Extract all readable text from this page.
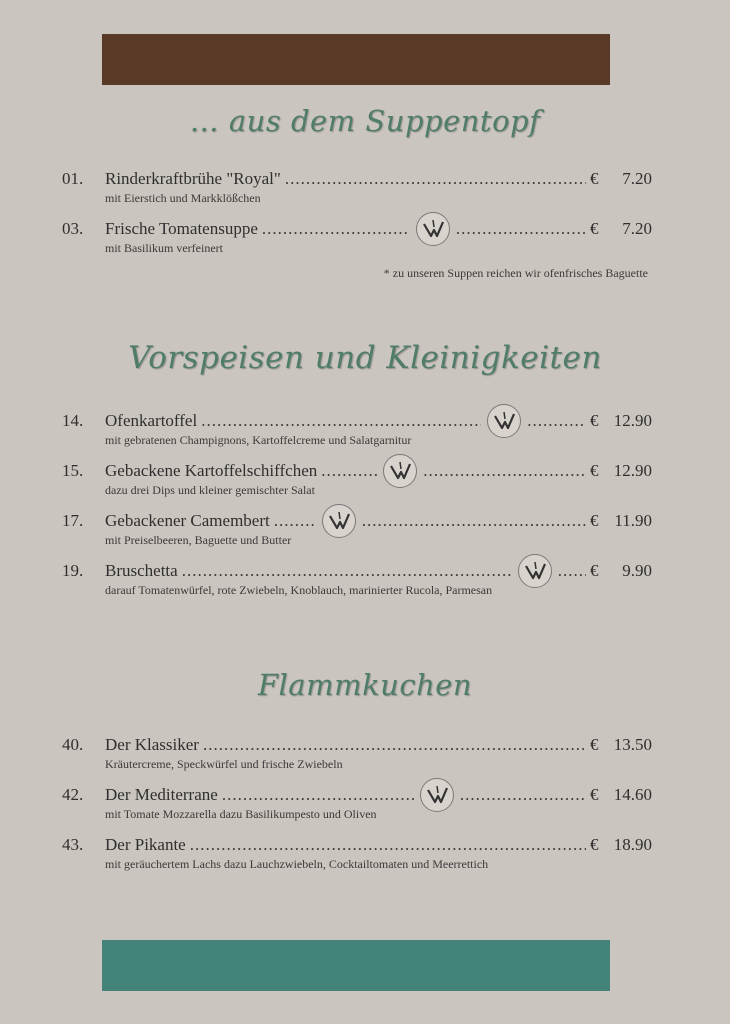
… aus dem Suppentopf
01.	Rinderkraftbrühe "Royal" .....	€	7.20
mit Eierstich und Markklößchen
03.	Frische Tomatensuppe ..... .....	€	7.20
mit Basilikum verfeinert
* zu unseren Suppen reichen wir ofenfrisches Baguette
Vorspeisen und Kleinigkeiten
14.	Ofenkartoffel ..... .....	€ 12.90
mit gebratenen Champignons, Kartoffelcreme und Salatgarnitur
15.	Gebackene Kartoffelschiffchen ..... .....	€ 12.90
dazu drei Dips und kleiner gemischter Salat
17.	Gebackener Camembert ..... .....	€ 11.90
mit Preiselbeeren, Baguette und Butter
19.	Bruschetta ..... .....	€	9.90
darauf Tomatenwürfel, rote Zwiebeln, Knoblauch, marinierter Rucola, Parmesan
Flammkuchen
40.	Der Klassiker .....	€ 13.50
Kräutercreme, Speckwürfel und frische Zwiebeln
42.	Der Mediterrane ..... .....	€ 14.60
mit Tomate Mozzarella dazu Basilikumpesto und Oliven
43.	Der Pikante .....	€ 18.90
mit geräuchertem Lachs dazu Lauchzwiebeln, Cocktailtomaten und Meerrettich
